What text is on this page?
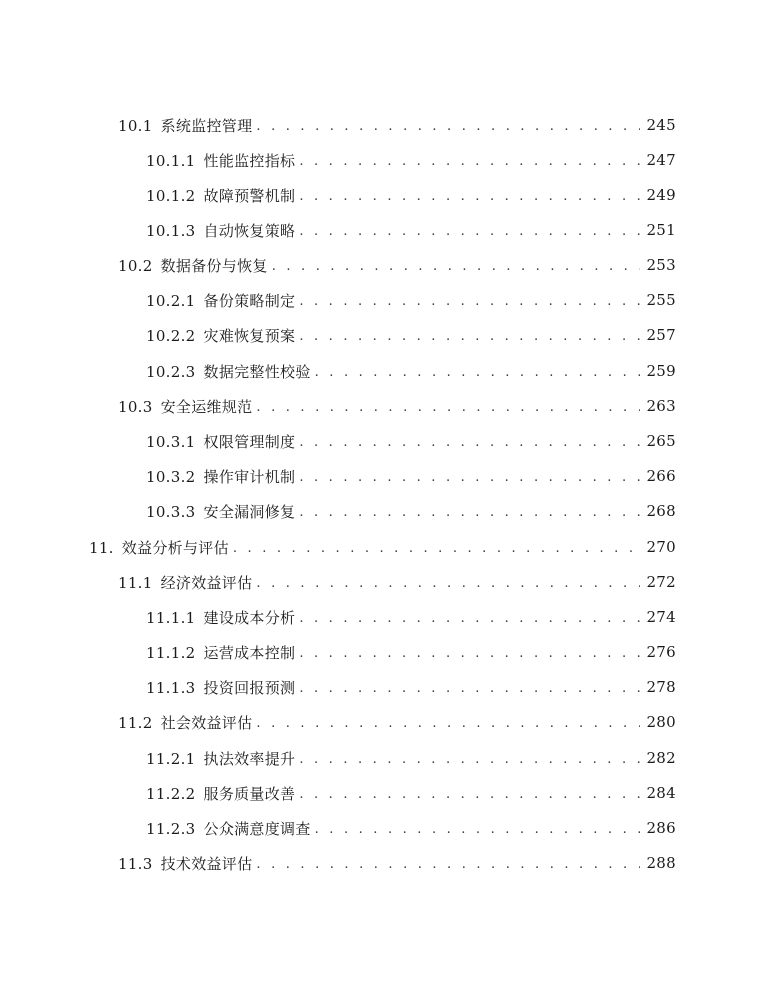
10.1 系统监控管理 . . .	245
10.1.1 性能监控指标 . . .	247
10.1.2 故障预警机制 . . .	249
10.1.3 自动恢复策略 . . .	251
10.2 数据备份与恢复 . . .	253
10.2.1 备份策略制定 . . .	255
10.2.2 灾难恢复预案 . . .	257
10.2.3 数据完整性校验 . . .	259
10.3 安全运维规范 . . .	263
10.3.1 权限管理制度 . . .	265
10.3.2 操作审计机制 . . .	266
10.3.3 安全漏洞修复 . . .	268
11. 效益分析与评估 . . .	270
11.1 经济效益评估 . . .	272
11.1.1 建设成本分析 . . .	274
11.1.2 运营成本控制 . . .	276
11.1.3 投资回报预测 . . .	278
11.2 社会效益评估 . . .	280
11.2.1 执法效率提升 . . .	282
11.2.2 服务质量改善 . . .	284
11.2.3 公众满意度调查 . . .	286
11.3 技术效益评估 . . .	288
